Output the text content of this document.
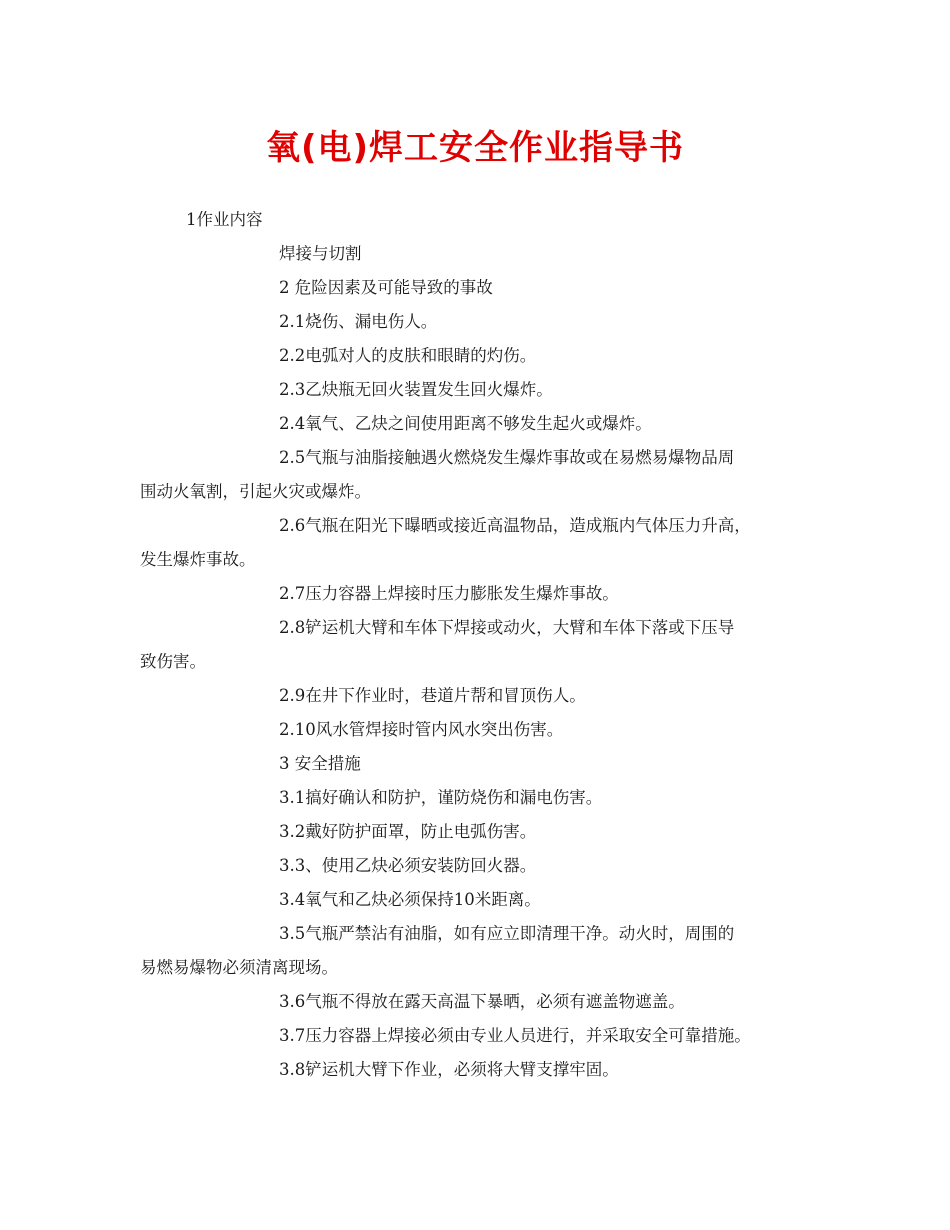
氧(电)焊工安全作业指导书
1作业内容
焊接与切割
2 危险因素及可能导致的事故
2.1烧伤、漏电伤人。
2.2电弧对人的皮肤和眼睛的灼伤。
2.3乙炔瓶无回火装置发生回火爆炸。
2.4氧气、乙炔之间使用距离不够发生起火或爆炸。
2.5气瓶与油脂接触遇火燃烧发生爆炸事故或在易燃易爆物品周
围动火氧割，引起火灾或爆炸。
2.6气瓶在阳光下曝晒或接近高温物品，造成瓶内气体压力升高，
发生爆炸事故。
2.7压力容器上焊接时压力膨胀发生爆炸事故。
2.8铲运机大臂和车体下焊接或动火，大臂和车体下落或下压导
致伤害。
2.9在井下作业时，巷道片帮和冒顶伤人。
2.10风水管焊接时管内风水突出伤害。
3 安全措施
3.1搞好确认和防护，谨防烧伤和漏电伤害。
3.2戴好防护面罩，防止电弧伤害。
3.3、使用乙炔必须安装防回火器。
3.4氧气和乙炔必须保持10米距离。
3.5气瓶严禁沾有油脂，如有应立即清理干净。动火时，周围的
易燃易爆物必须清离现场。
3.6气瓶不得放在露天高温下暴晒，必须有遮盖物遮盖。
3.7压力容器上焊接必须由专业人员进行，并采取安全可靠措施。
3.8铲运机大臂下作业，必须将大臂支撑牢固。
